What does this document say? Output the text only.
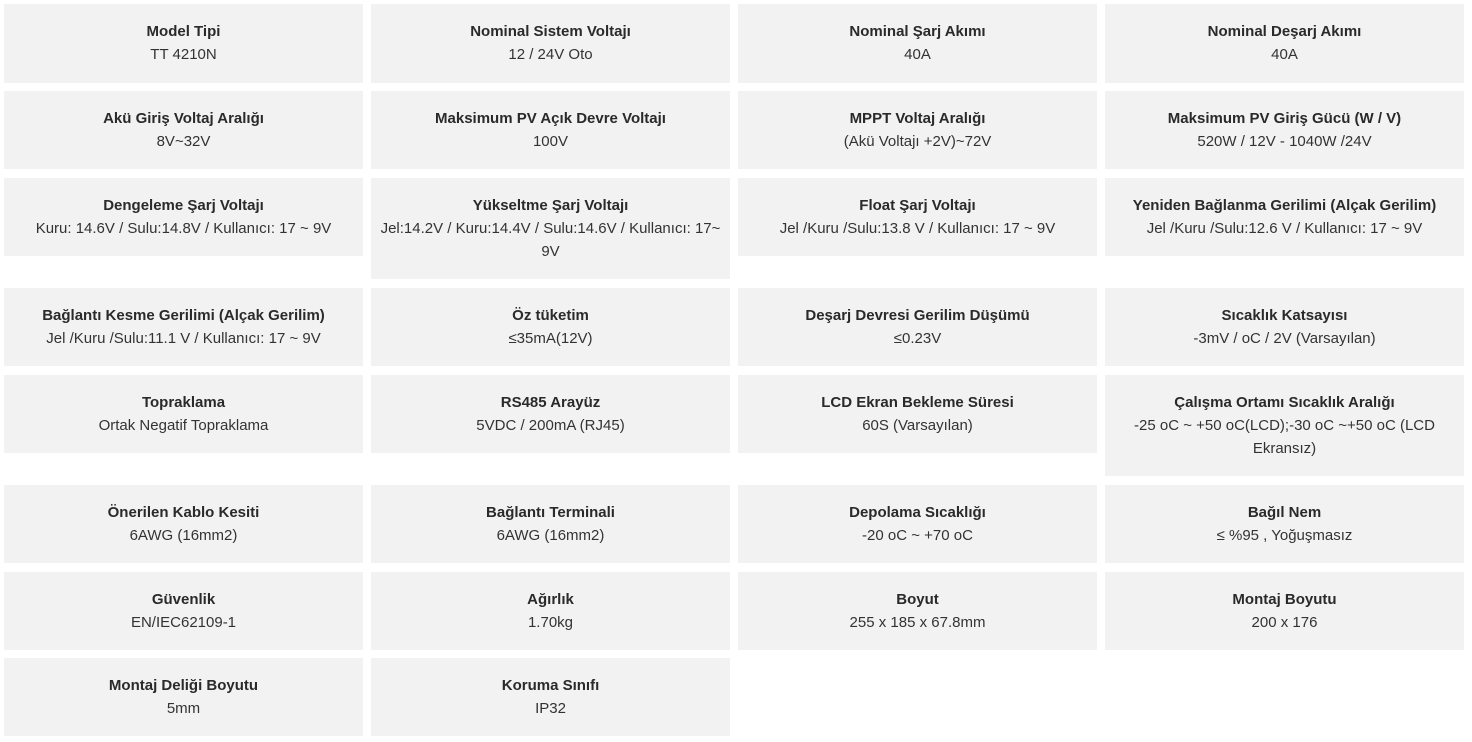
Model Tipi
TT 4210N
Nominal Sistem Voltajı
12 / 24V Oto
Nominal Şarj Akımı
40A
Nominal Deşarj Akımı
40A
Akü Giriş Voltaj Aralığı
8V~32V
Maksimum PV Açık Devre Voltajı
100V
MPPT Voltaj Aralığı
(Akü Voltajı +2V)~72V
Maksimum PV Giriş Gücü (W / V)
520W / 12V - 1040W /24V
Dengeleme Şarj Voltajı
Kuru: 14.6V / Sulu:14.8V / Kullanıcı: 17 ~ 9V
Yükseltme Şarj Voltajı
Jel:14.2V / Kuru:14.4V / Sulu:14.6V / Kullanıcı: 17~ 9V
Float Şarj Voltajı
Jel /Kuru /Sulu:13.8 V / Kullanıcı: 17 ~ 9V
Yeniden Bağlanma Gerilimi (Alçak Gerilim)
Jel /Kuru /Sulu:12.6 V / Kullanıcı: 17 ~ 9V
Bağlantı Kesme Gerilimi (Alçak Gerilim)
Jel /Kuru /Sulu:11.1 V / Kullanıcı: 17 ~ 9V
Öz tüketim
≤35mA(12V)
Deşarj Devresi Gerilim Düşümü
≤0.23V
Sıcaklık Katsayısı
-3mV / oC / 2V (Varsayılan)
Topraklama
Ortak Negatif Topraklama
RS485 Arayüz
5VDC / 200mA (RJ45)
LCD Ekran Bekleme Süresi
60S (Varsayılan)
Çalışma Ortamı Sıcaklık Aralığı
-25 oC ~ +50 oC(LCD);-30 oC ~+50 oC (LCD Ekransız)
Önerilen Kablo Kesiti
6AWG (16mm2)
Bağlantı Terminali
6AWG (16mm2)
Depolama Sıcaklığı
-20 oC ~ +70 oC
Bağıl Nem
≤ %95 , Yoğuşmasız
Güvenlik
EN/IEC62109-1
Ağırlık
1.70kg
Boyut
255 x 185 x 67.8mm
Montaj Boyutu
200 x 176
Montaj Deliği Boyutu
5mm
Koruma Sınıfı
IP32
